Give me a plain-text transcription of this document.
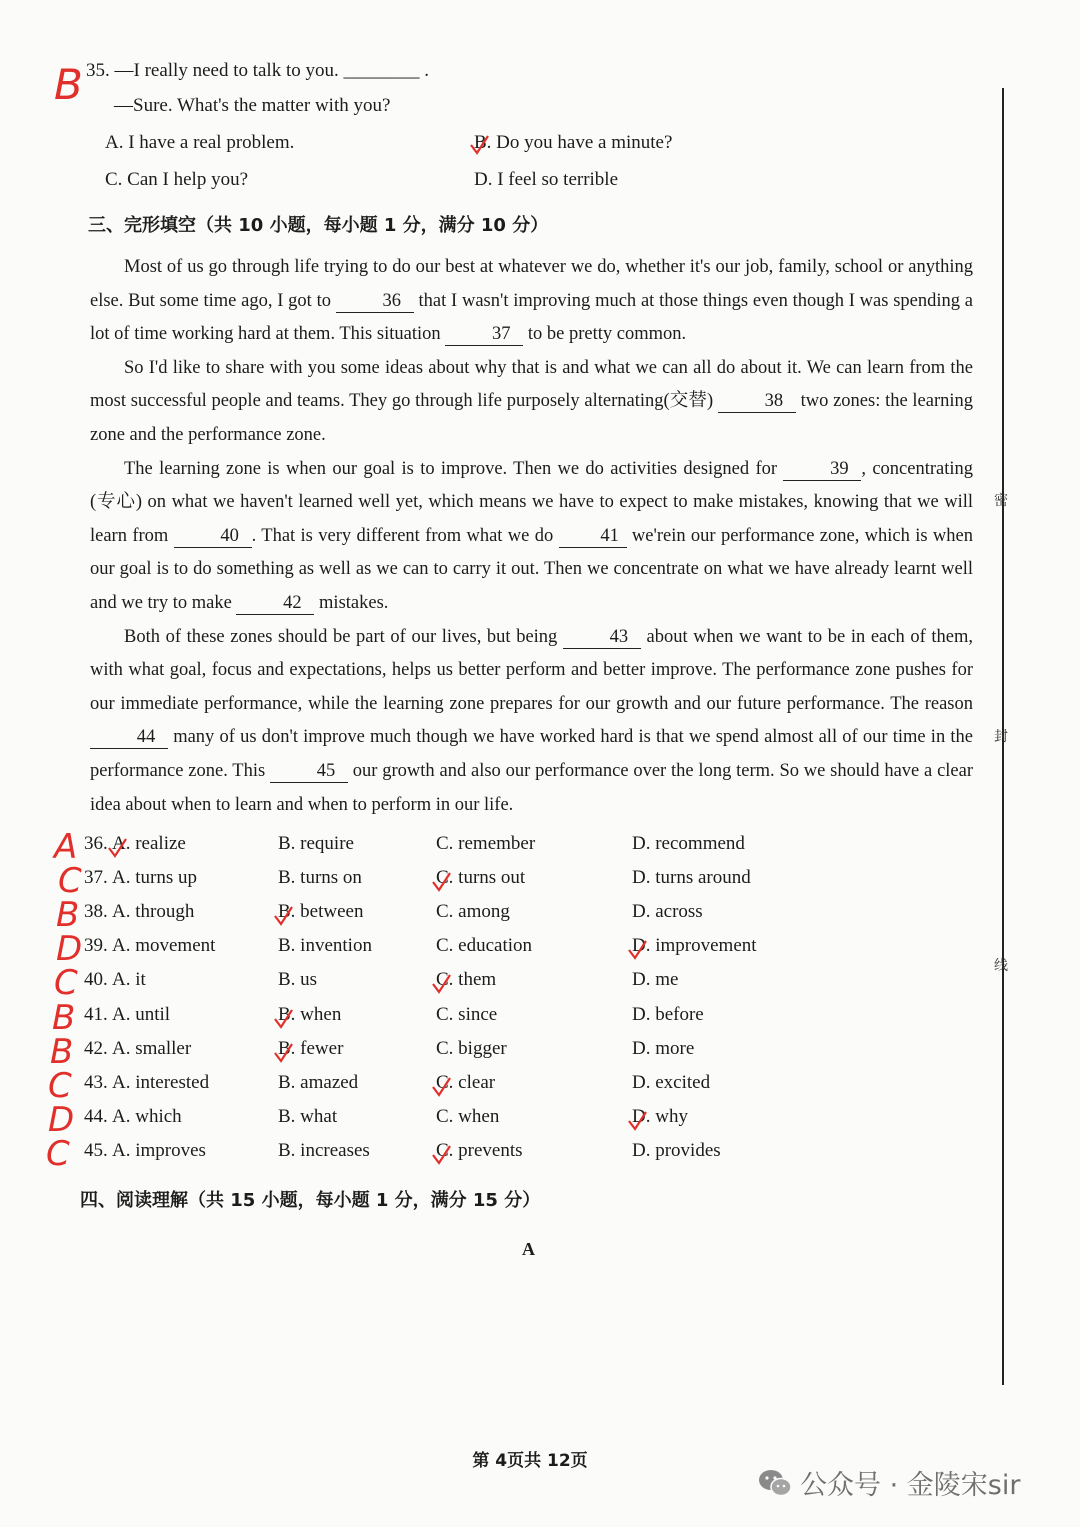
B 35. —I really need to talk to you. ________ .
—Sure. What's the matter with you?
A. I have a real problem.	B. Do you have a minute?
C. Can I help you?	D. I feel so terrible
三、完形填空（共 10 小题，每小题 1 分，满分 10 分）

Most of us go through life trying to do our best at whatever we do, whether it's our job, family, school or anything else. But some time ago, I got to	36 that I wasn't improving much at those things even though I was spending a lot of time working hard at them. This situation	37 to be pretty common.

So I'd like to share with you some ideas about why that is and what we can all do about it. We can learn from the most successful people and teams. They go through life purposely alternating(交替)	38 two zones: the learning zone and the performance zone.

The learning zone is when our goal is to improve. Then we do activities designed for	39 , concentrating (专心) on what we haven't learned well yet, which means we have to expect to make mistakes, knowing that we will learn from	40 . That is very different from what we do 41 we'rein our performance zone, which is when our goal is to do something as well as we can to carry it out. Then we concentrate on what we have already learnt well and we try to make	42 mistakes.

Both of these zones should be part of our lives, but being	43 about when we want to be in each of them, with what goal, focus and expectations, helps us better perform and better improve. The performance zone pushes for our immediate performance, while the learning zone prepares for our growth and our future performance. The reason 44 many of us don't improve much though we have worked hard is that we spend almost all of our time in the performance zone. This	45 our growth and also our performance over the long term. So we should have a clear idea about when to learn and when to perform in our life.

A 36. A. realize	B. require	C. remember	D. recommend
C 37. A. turns up	B. turns on	C. turns out	D. turns around
B 38. A. through	B. between	C. among	D. across
D 39. A. movement	B. invention	C. education	D. improvement
C 40. A. it	B. us	C. them	D. me
B 41. A. until	B. when	C. since	D. before
B 42. A. smaller	B. fewer	C. bigger	D. more
C 43. A. interested	B. amazed	C. clear	D. excited
D 44. A. which	B. what	C. when	D. why
C 45. A. improves	B. increases	C. prevents	D. provides
四、阅读理解（共 15 小题，每小题 1 分，满分 15 分）
A
密
封
线
第 4页共 12页
公众号 · 金陵宋sir
